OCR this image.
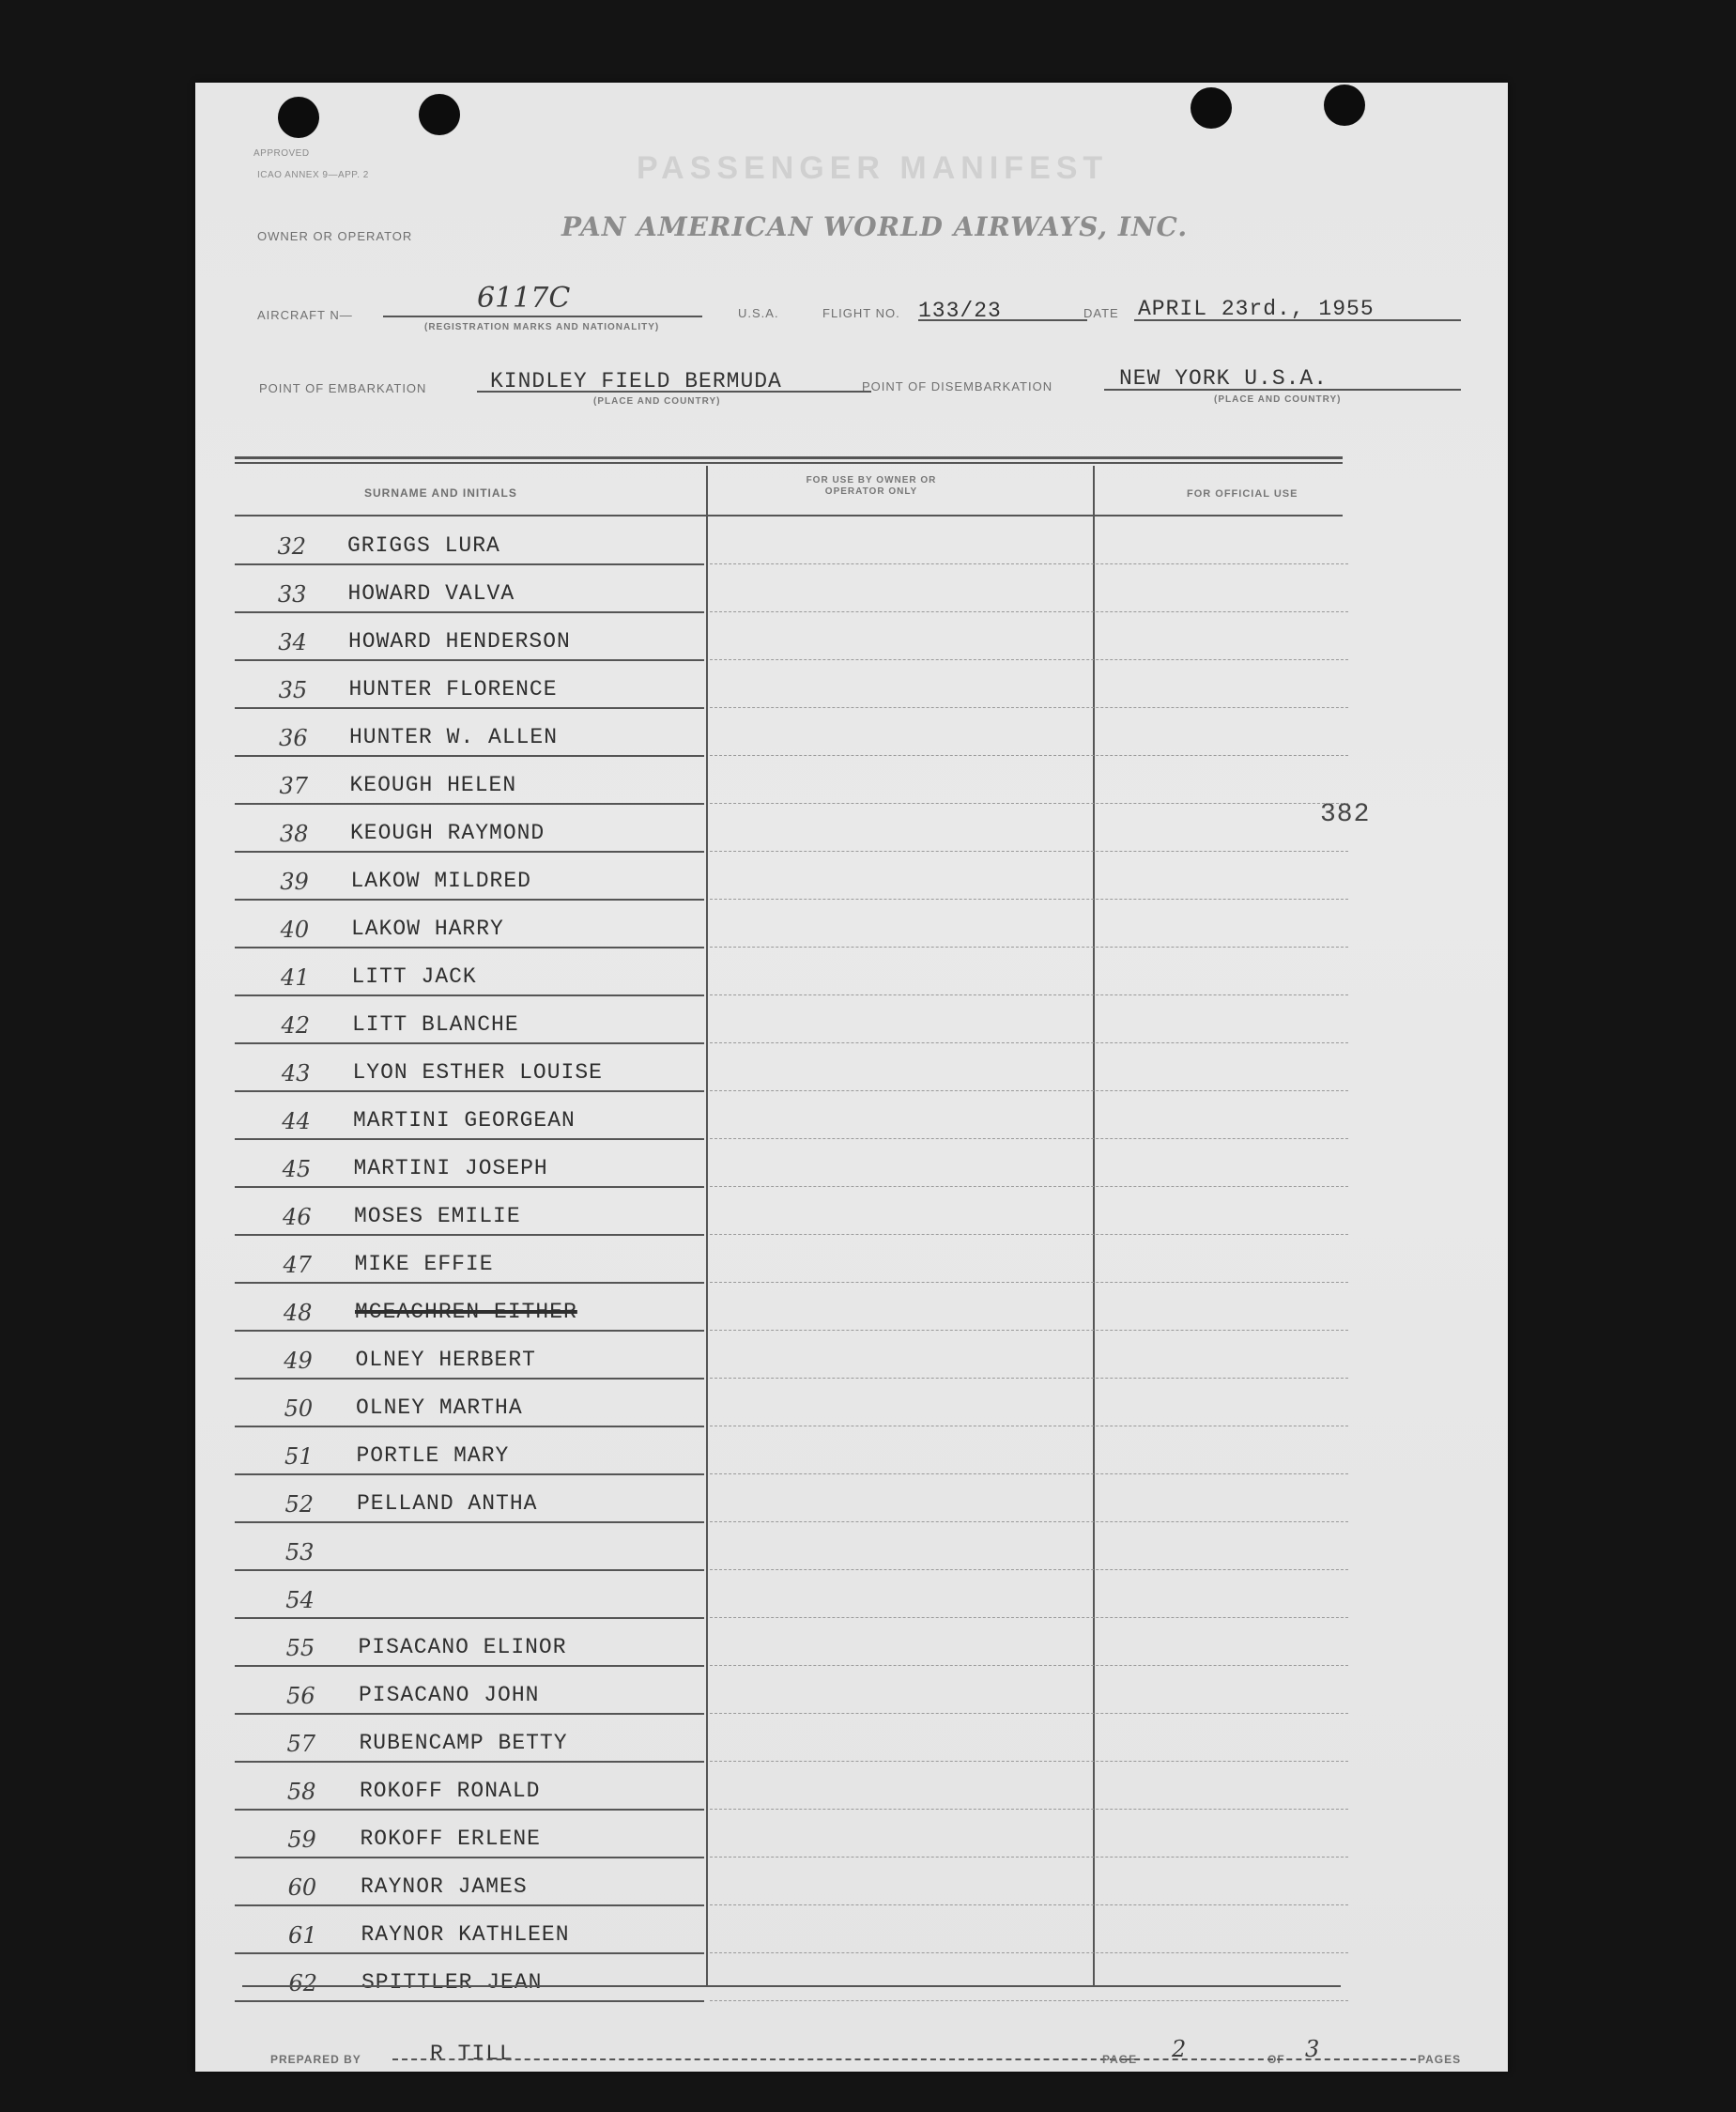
APPROVED
ICAO ANNEX 9—APP. 2	PASSENGER MANIFEST
OWNER OR OPERATOR	PAN AMERICAN WORLD AIRWAYS, INC.
AIRCRAFT N—
6117C
(REGISTRATION MARKS AND NATIONALITY)
U.S.A.	FLIGHT NO. 133/23	DATE APRIL 23rd., 1955
POINT OF EMBARKATION	KINDLEY FIELD BERMUDA
(PLACE AND COUNTRY)
POINT OF DISEMBARKATION	NEW YORK U.S.A.
(PLACE AND COUNTRY)
SURNAME AND INITIALS
FOR USE BY OWNER OR OPERATOR ONLY	FOR OFFICIAL USE
382
32 GRIGGS LURA
33 HOWARD VALVA
34 HOWARD HENDERSON
35 HUNTER FLORENCE
36 HUNTER W. ALLEN
37 KEOUGH HELEN
38 KEOUGH RAYMOND
39 LAKOW MILDRED
40 LAKOW HARRY
41 LITT JACK
42 LITT BLANCHE
43 LYON ESTHER LOUISE
44 MARTINI GEORGEAN
45 MARTINI JOSEPH
46 MOSES EMILIE
47 MIKE EFFIE
48 MCEACHREN EITHER
49 OLNEY HERBERT
50 OLNEY MARTHA
51 PORTLE MARY
52 PELLAND ANTHA
53
54
55 PISACANO ELINOR
56 PISACANO JOHN
57 RUBENCAMP BETTY
58 ROKOFF RONALD
59 ROKOFF ERLENE
60 RAYNOR JAMES
61 RAYNOR KATHLEEN
62 SPITTLER JEAN
PREPARED BY	R TILL	PAGE 2	OF 3	PAGES
